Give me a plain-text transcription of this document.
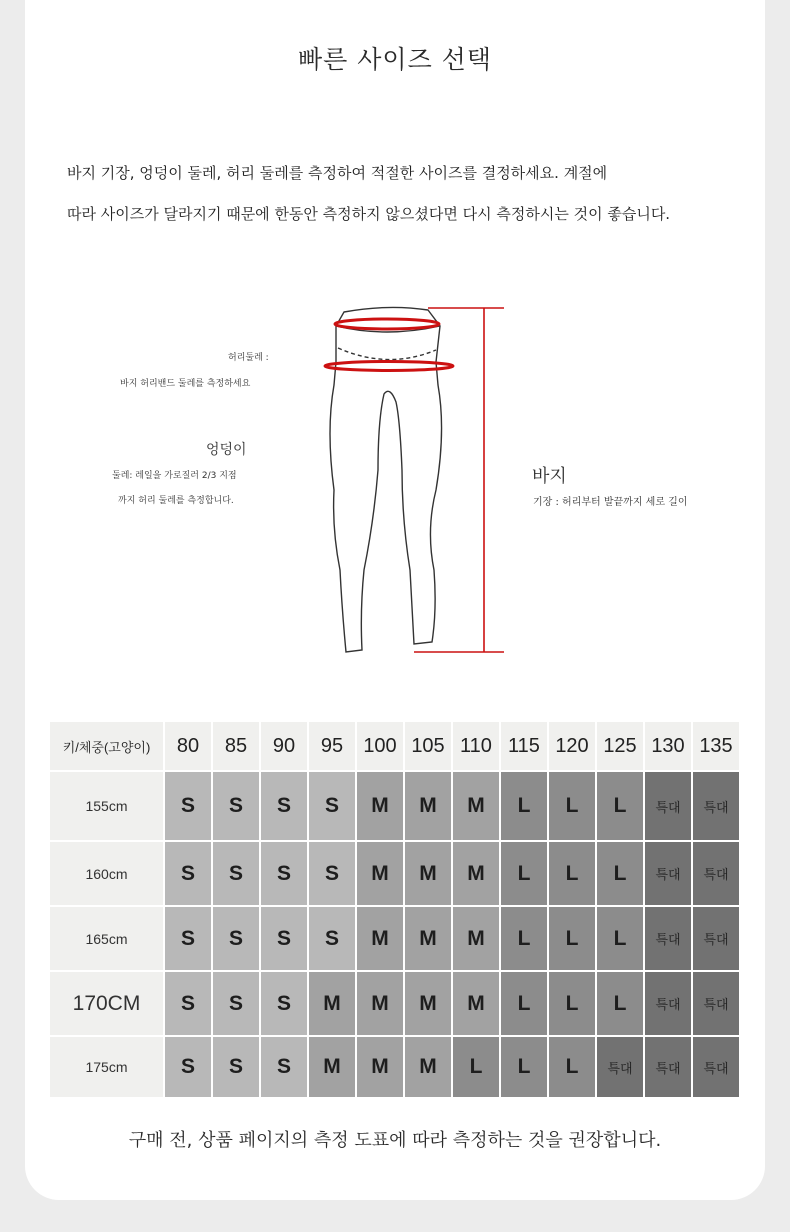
빠른 사이즈 선택
바지 기장, 엉덩이 둘레, 허리 둘레를 측정하여 적절한 사이즈를 결정하세요. 계절에
따라 사이즈가 달라지기 때문에 한동안 측정하지 않으셨다면 다시 측정하시는 것이 좋습니다.
허리둘레 :
바지 허리밴드 둘레를 측정하세요
엉덩이
둘레: 레일을 가로질러 2/3 지점
까지 허리 둘레를 측정합니다.
바지
기장 : 허리부터 발끝까지 세로 길이
키/체중(고양이)	80	85	90	95	100	105	110	115	120	125	130	135
155cm	S	S	S	S	M	M	M	L	L	L	특대	특대
160cm	S	S	S	S	M	M	M	L	L	L	특대	특대
165cm	S	S	S	S	M	M	M	L	L	L	특대	특대
170CM	S	S	S	M	M	M	M	L	L	L	특대	특대
175cm	S	S	S	M	M	M	L	L	L	특대	특대	특대
구매 전, 상품 페이지의 측정 도표에 따라 측정하는 것을 권장합니다.
